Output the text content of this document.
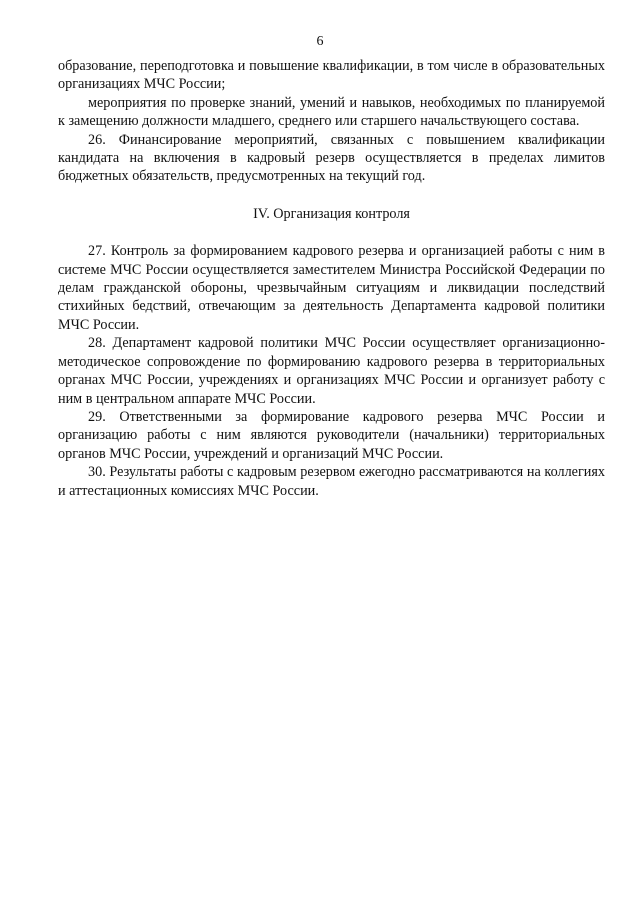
6

образование, переподготовка и повышение квалификации, в том числе в образовательных организациях МЧС России;

мероприятия по проверке знаний, умений и навыков, необходимых по планируемой к замещению должности младшего, среднего или старшего начальствующего состава.

26. Финансирование мероприятий, связанных с повышением квалификации кандидата на включения в кадровый резерв осуществляется в пределах лимитов бюджетных обязательств, предусмотренных на текущий год.

IV. Организация контроля

27. Контроль за формированием кадрового резерва и организацией работы с ним в системе МЧС России осуществляется заместителем Министра Российской Федерации по делам гражданской обороны, чрезвычайным ситуациям и ликвидации последствий стихийных бедствий, отвечающим за деятельность Департамента кадровой политики МЧС России.

28. Департамент кадровой политики МЧС России осуществляет организационно-методическое сопровождение по формированию кадрового резерва в территориальных органах МЧС России, учреждениях и организациях МЧС России и организует работу с ним в центральном аппарате МЧС России.

29. Ответственными за формирование кадрового резерва МЧС России и организацию работы с ним являются руководители (начальники) территориальных органов МЧС России, учреждений и организаций МЧС России.

30. Результаты работы с кадровым резервом ежегодно рассматриваются на коллегиях и аттестационных комиссиях МЧС России.
